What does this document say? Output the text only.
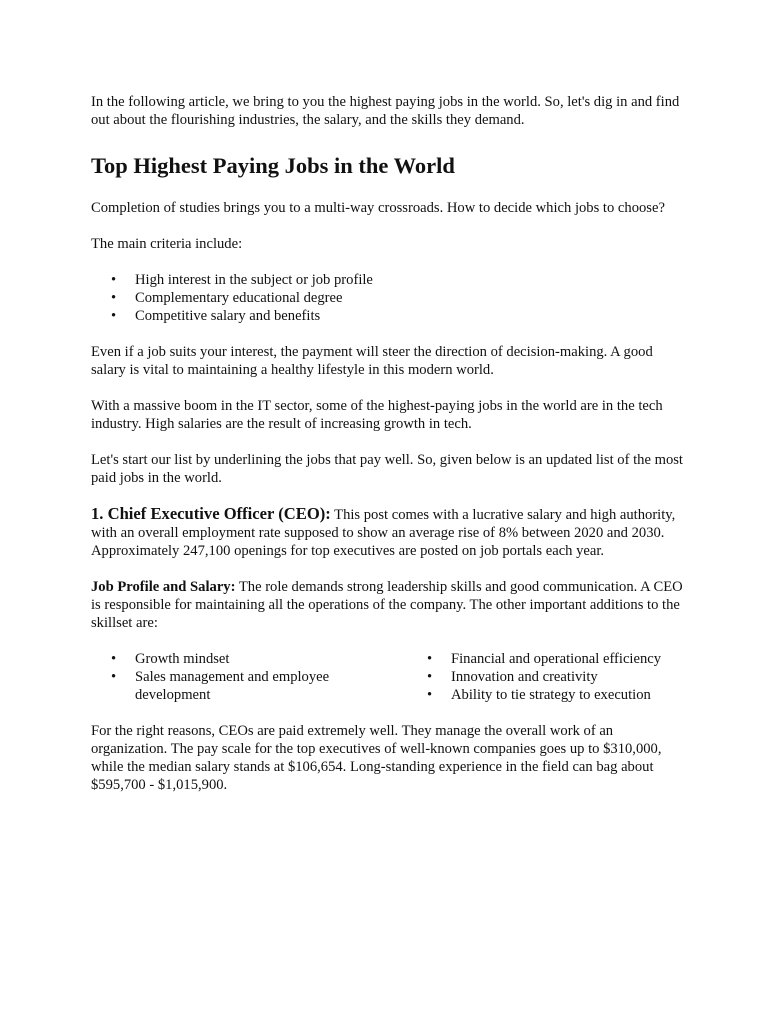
In the following article, we bring to you the highest paying jobs in the world. So, let's dig in and find out about the flourishing industries, the salary, and the skills they demand.

Top Highest Paying Jobs in the World

Completion of studies brings you to a multi-way crossroads. How to decide which jobs to choose?

The main criteria include:

• High interest in the subject or job profile
• Complementary educational degree
• Competitive salary and benefits

Even if a job suits your interest, the payment will steer the direction of decision-making. A good salary is vital to maintaining a healthy lifestyle in this modern world.

With a massive boom in the IT sector, some of the highest-paying jobs in the world are in the tech industry. High salaries are the result of increasing growth in tech.

Let's start our list by underlining the jobs that pay well. So, given below is an updated list of the most paid jobs in the world.

1. Chief Executive Officer (CEO): This post comes with a lucrative salary and high authority, with an overall employment rate supposed to show an average rise of 8% between 2020 and 2030. Approximately 247,100 openings for top executives are posted on job portals each year.

Job Profile and Salary: The role demands strong leadership skills and good communication. A CEO is responsible for maintaining all the operations of the company. The other important additions to the skillset are:

• Growth mindset
• Sales management and employee development
• Financial and operational efficiency
• Innovation and creativity
• Ability to tie strategy to execution

For the right reasons, CEOs are paid extremely well. They manage the overall work of an organization. The pay scale for the top executives of well-known companies goes up to $310,000, while the median salary stands at $106,654. Long-standing experience in the field can bag about $595,700 - $1,015,900.
